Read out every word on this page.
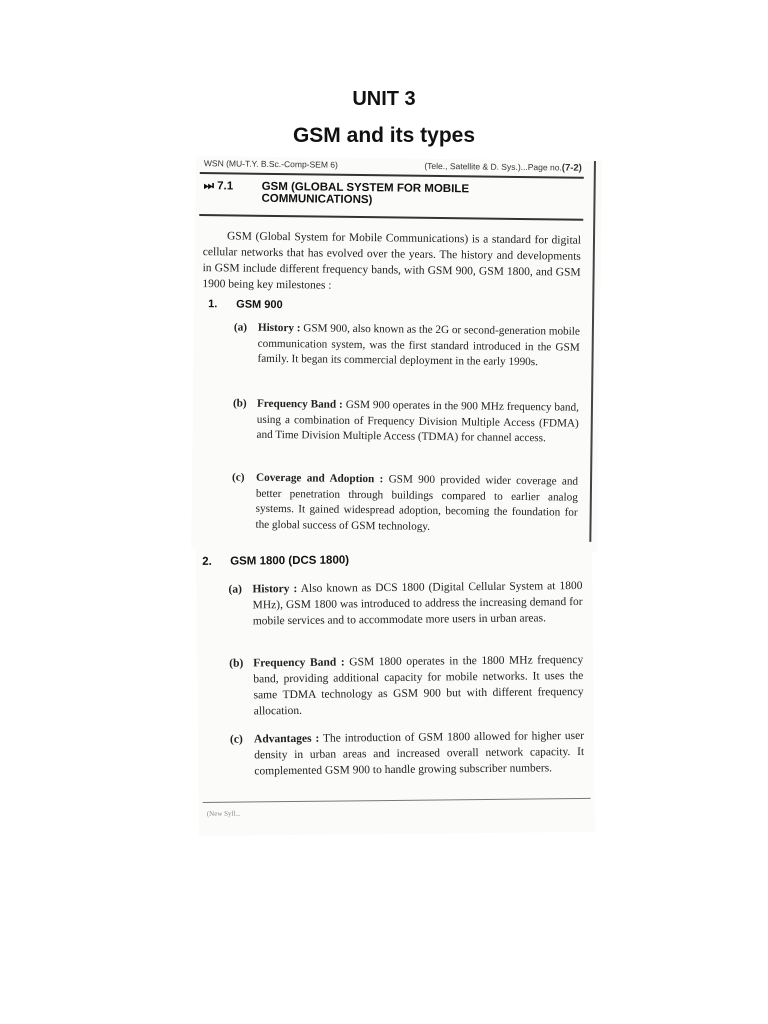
UNIT 3
GSM and its types
WSN (MU-T.Y. B.Sc.-Comp-SEM 6)	(Tele., Satellite & D. Sys.)...Page no.(7-2)
⏭ 7.1 GSM (GLOBAL SYSTEM FOR MOBILE COMMUNICATIONS)
GSM (Global System for Mobile Communications) is a standard for digital cellular networks that has evolved over the years. The history and developments in GSM include different frequency bands, with GSM 900, GSM 1800, and GSM 1900 being key milestones :
1. GSM 900
(a) History : GSM 900, also known as the 2G or second-generation mobile communication system, was the first standard introduced in the GSM family. It began its commercial deployment in the early 1990s.
(b) Frequency Band : GSM 900 operates in the 900 MHz frequency band, using a combination of Frequency Division Multiple Access (FDMA) and Time Division Multiple Access (TDMA) for channel access.
(c) Coverage and Adoption : GSM 900 provided wider coverage and better penetration through buildings compared to earlier analog systems. It gained widespread adoption, becoming the foundation for the global success of GSM technology.
2. GSM 1800 (DCS 1800)
(a) History : Also known as DCS 1800 (Digital Cellular System at 1800 MHz), GSM 1800 was introduced to address the increasing demand for mobile services and to accommodate more users in urban areas.
(b) Frequency Band : GSM 1800 operates in the 1800 MHz frequency band, providing additional capacity for mobile networks. It uses the same TDMA technology as GSM 900 but with different frequency allocation.
(c) Advantages : The introduction of GSM 1800 allowed for higher user density in urban areas and increased overall network capacity. It complemented GSM 900 to handle growing subscriber numbers.
(New Syll...
